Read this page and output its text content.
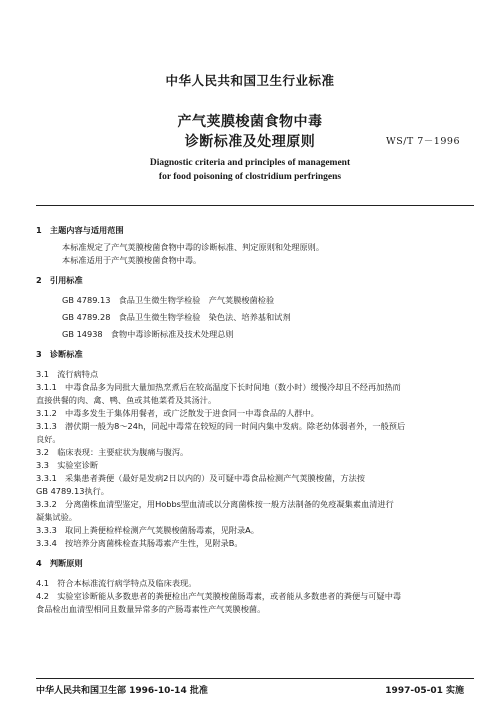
中华人民共和国卫生行业标准
产气荚膜梭菌食物中毒
诊断标准及处理原则	WS/T 7－1996
Diagnostic criteria and principles of management
for food poisoning of clostridium perfringens

1　主题内容与适用范围

本标准规定了产气荚膜梭菌食物中毒的诊断标准、判定原则和处理原则。

本标准适用于产气荚膜梭菌食物中毒。

2　引用标准

GB 4789.13　食品卫生微生物学检验　产气荚膜梭菌检验

GB 4789.28　食品卫生微生物学检验　染色法、培养基和试剂

GB 14938　食物中毒诊断标准及技术处理总则

3　诊断标准

3.1　流行病特点

3.1.1　中毒食品多为同批大量加热烹煮后在较高温度下长时间地（数小时）缓慢冷却且不经再加热而

直接供餐的肉、禽、鸭、鱼或其他菜肴及其汤汁。

3.1.2　中毒多发生于集体用餐者，或广泛散发于进食同一中毒食品的人群中。

3.1.3　潜伏期一般为8～24h，同起中毒常在较短的同一时间内集中发病。除老幼体弱者外，一般预后

良好。

3.2　临床表现：主要症状为腹痛与腹泻。

3.3　实验室诊断

3.3.1　采集患者粪便（最好是发病2日以内的）及可疑中毒食品检测产气荚膜梭菌，方法按

GB 4789.13执行。

3.3.2　分离菌株血清型鉴定，用Hobbs型血清或以分离菌株按一般方法制备的免疫凝集素血清进行

凝集试验。

3.3.3　取同上粪便检样检测产气荚膜梭菌肠毒素，见附录A。

3.3.4　按培养分离菌株检查其肠毒素产生性，见附录B。

4　判断原则

4.1　符合本标准流行病学特点及临床表现。

4.2　实验室诊断能从多数患者的粪便检出产气荚膜梭菌肠毒素，或者能从多数患者的粪便与可疑中毒

食品检出血清型相同且数量异常多的产肠毒素性产气荚膜梭菌。

中华人民共和国卫生部 1996-10-14 批准	1997-05-01 实施
